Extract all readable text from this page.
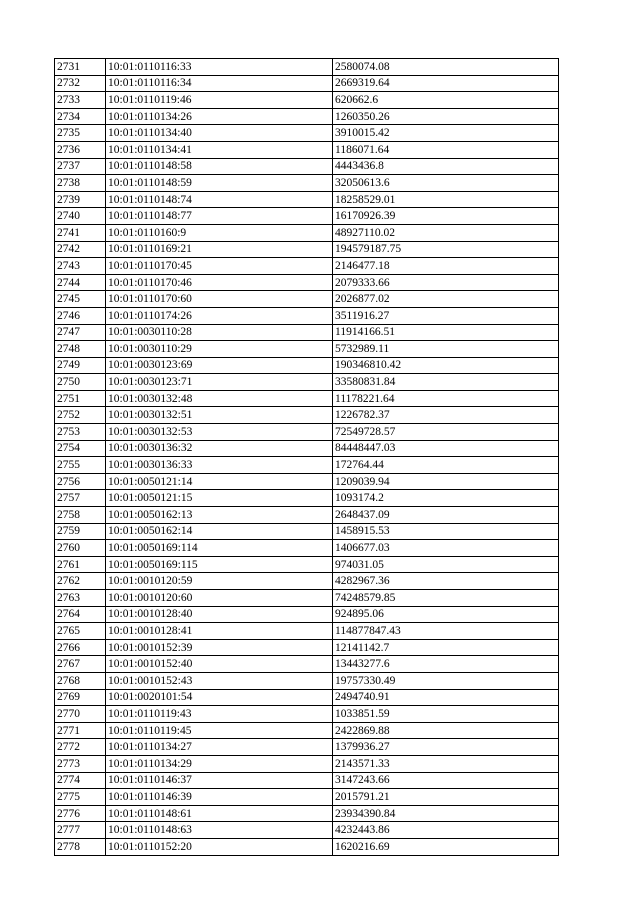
2731	10:01:0110116:33	2580074.08
2732	10:01:0110116:34	2669319.64
2733	10:01:0110119:46	620662.6
2734	10:01:0110134:26	1260350.26
2735	10:01:0110134:40	3910015.42
2736	10:01:0110134:41	1186071.64
2737	10:01:0110148:58	4443436.8
2738	10:01:0110148:59	32050613.6
2739	10:01:0110148:74	18258529.01
2740	10:01:0110148:77	16170926.39
2741	10:01:0110160:9	48927110.02
2742	10:01:0110169:21	194579187.75
2743	10:01:0110170:45	2146477.18
2744	10:01:0110170:46	2079333.66
2745	10:01:0110170:60	2026877.02
2746	10:01:0110174:26	3511916.27
2747	10:01:0030110:28	11914166.51
2748	10:01:0030110:29	5732989.11
2749	10:01:0030123:69	190346810.42
2750	10:01:0030123:71	33580831.84
2751	10:01:0030132:48	11178221.64
2752	10:01:0030132:51	1226782.37
2753	10:01:0030132:53	72549728.57
2754	10:01:0030136:32	84448447.03
2755	10:01:0030136:33	172764.44
2756	10:01:0050121:14	1209039.94
2757	10:01:0050121:15	1093174.2
2758	10:01:0050162:13	2648437.09
2759	10:01:0050162:14	1458915.53
2760	10:01:0050169:114	1406677.03
2761	10:01:0050169:115	974031.05
2762	10:01:0010120:59	4282967.36
2763	10:01:0010120:60	74248579.85
2764	10:01:0010128:40	924895.06
2765	10:01:0010128:41	114877847.43
2766	10:01:0010152:39	12141142.7
2767	10:01:0010152:40	13443277.6
2768	10:01:0010152:43	19757330.49
2769	10:01:0020101:54	2494740.91
2770	10:01:0110119:43	1033851.59
2771	10:01:0110119:45	2422869.88
2772	10:01:0110134:27	1379936.27
2773	10:01:0110134:29	2143571.33
2774	10:01:0110146:37	3147243.66
2775	10:01:0110146:39	2015791.21
2776	10:01:0110148:61	23934390.84
2777	10:01:0110148:63	4232443.86
2778	10:01:0110152:20	1620216.69
